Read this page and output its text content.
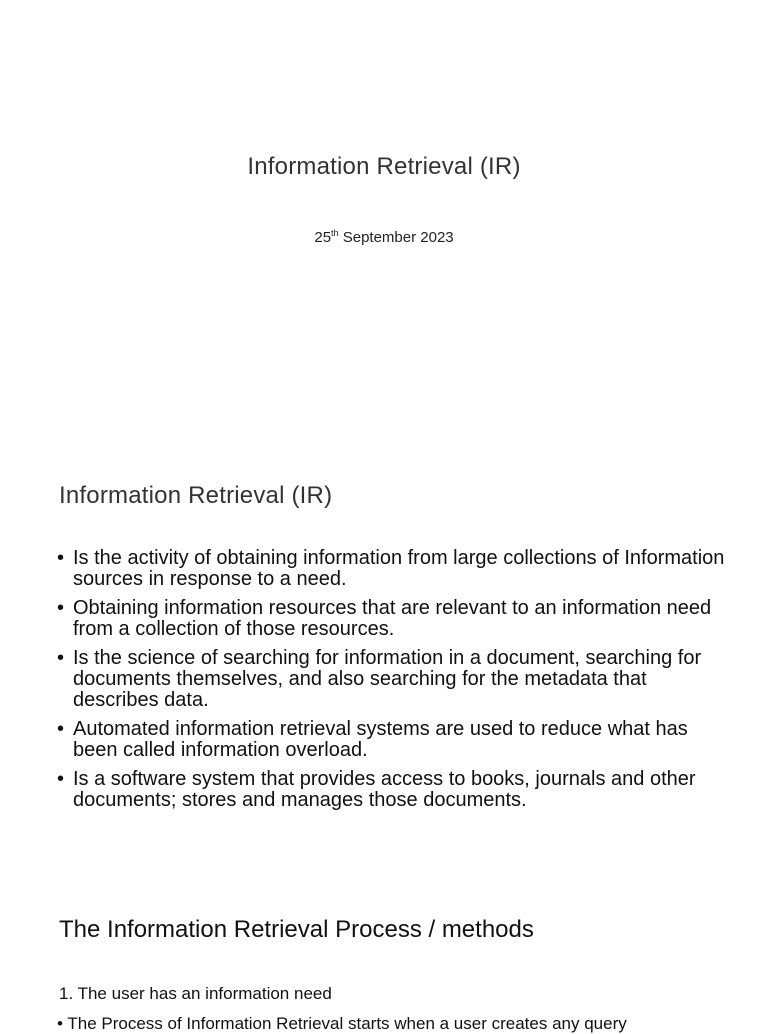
Information Retrieval (IR)
25th September 2023
Information Retrieval (IR)
• Is the activity of obtaining information from large collections of Information sources in response to a need.
• Obtaining information resources that are relevant to an information need from a collection of those resources.
• Is the science of searching for information in a document, searching for documents themselves, and also searching for the metadata that describes data.
• Automated information retrieval systems are used to reduce what has been called information overload.
• Is a software system that provides access to books, journals and other documents; stores and manages those documents.
The Information Retrieval Process / methods
1. The user has an information need
• The Process of Information Retrieval starts when a user creates any query
